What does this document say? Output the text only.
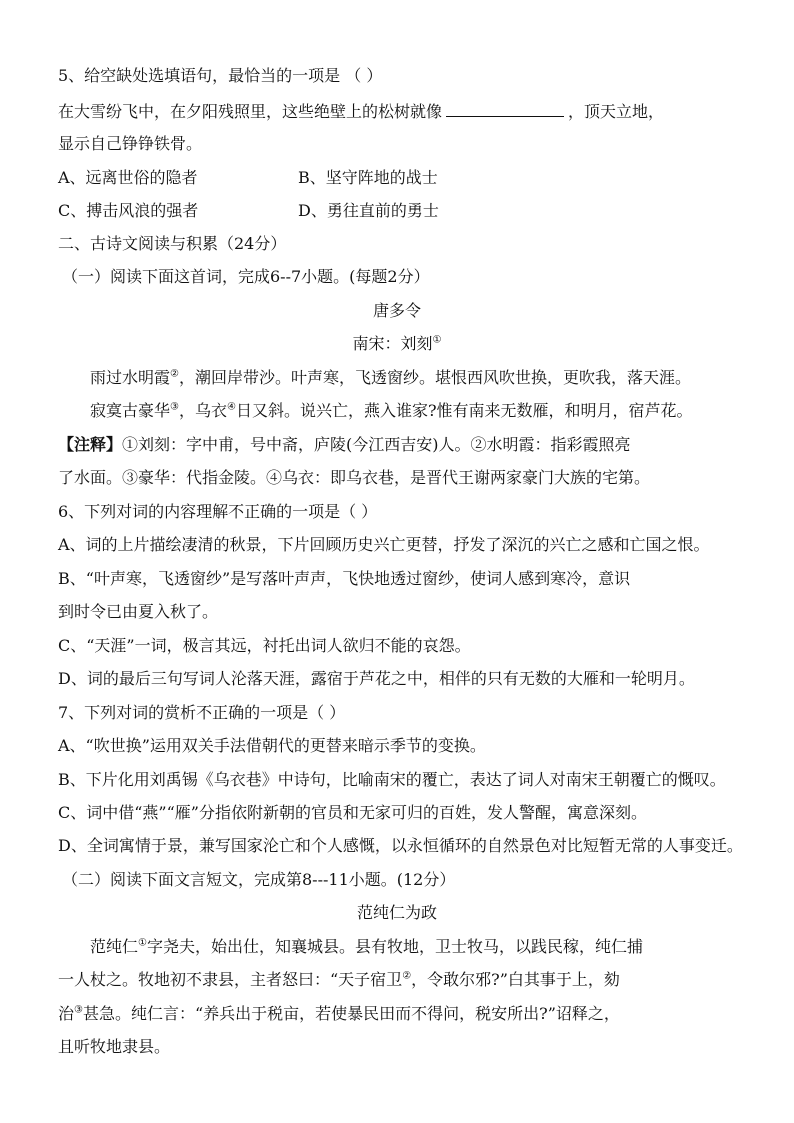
5、给空缺处选填语句，最恰当的一项是 （ ）
在大雪纷飞中，在夕阳残照里，这些绝壁上的松树就像	，顶天立地，
显示自己铮铮铁骨。
A、远离世俗的隐者	B、坚守阵地的战士
C、搏击风浪的强者	D、勇往直前的勇士
二、古诗文阅读与积累（24分）
（一）阅读下面这首词，完成6--7小题。(每题2分）
唐多令
南宋：刘刻①
雨过水明霞②，潮回岸带沙。叶声寒，飞透窗纱。堪恨西风吹世换，更吹我，落天涯。
寂寞古豪华③，乌衣④日又斜。说兴亡，燕入谁家?惟有南来无数雁，和明月，宿芦花。
【注释】①刘刻：字中甫，号中斋，庐陵(今江西吉安)人。②水明霞：指彩霞照亮
了水面。③豪华：代指金陵。④乌衣：即乌衣巷，是晋代王谢两家豪门大族的宅第。
6、下列对词的内容理解不正确的一项是（ ）
A、词的上片描绘凄清的秋景，下片回顾历史兴亡更替，抒发了深沉的兴亡之感和亡国之恨。
B、“叶声寒，飞透窗纱”是写落叶声声，飞快地透过窗纱，使词人感到寒冷，意识
到时令已由夏入秋了。
C、“天涯”一词，极言其远，衬托出词人欲归不能的哀怨。
D、词的最后三句写词人沦落天涯，露宿于芦花之中，相伴的只有无数的大雁和一轮明月。
7、下列对词的赏析不正确的一项是（ ）
A、“吹世换”运用双关手法借朝代的更替来暗示季节的变换。
B、下片化用刘禹锡《乌衣巷》中诗句，比喻南宋的覆亡，表达了词人对南宋王朝覆亡的慨叹。
C、词中借“燕”“雁”分指依附新朝的官员和无家可归的百姓，发人警醒，寓意深刻。
D、全词寓情于景，兼写国家沦亡和个人感慨，以永恒循环的自然景色对比短暂无常的人事变迁。
（二）阅读下面文言短文，完成第8---11小题。(12分）
范纯仁为政
范纯仁①字尧夫，始出仕，知襄城县。县有牧地，卫士牧马，以践民稼，纯仁捕
一人杖之。牧地初不隶县，主者怒曰：“天子宿卫②，令敢尔邪?”白其事于上，劾
治③甚急。纯仁言：“养兵出于税亩，若使暴民田而不得问，税安所出?”诏释之，
且听牧地隶县。
